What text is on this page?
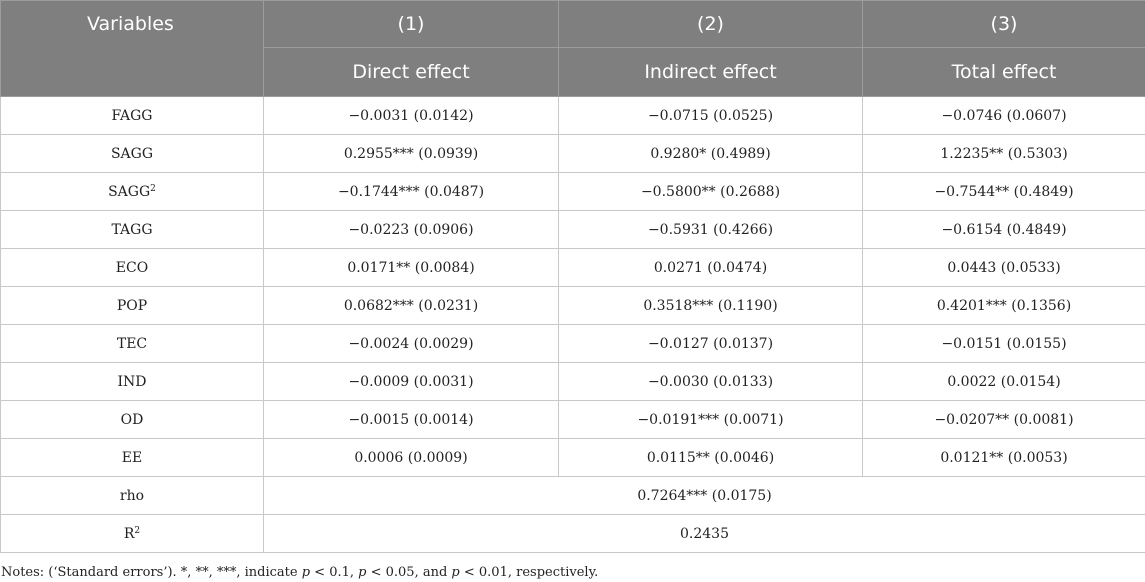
Variables	(1)	(2)	(3)
	Direct effect	Indirect effect	Total effect
FAGG	−0.0031 (0.0142)	−0.0715 (0.0525)	−0.0746 (0.0607)
SAGG	0.2955*** (0.0939)	0.9280* (0.4989)	1.2235** (0.5303)
$SAGG^2$	−0.1744*** (0.0487)	−0.5800** (0.2688)	−0.7544** (0.4849)
TAGG	−0.0223 (0.0906)	−0.5931 (0.4266)	−0.6154 (0.4849)
ECO	0.0171** (0.0084)	0.0271 (0.0474)	0.0443 (0.0533)
POP	0.0682*** (0.0231)	0.3518*** (0.1190)	0.4201*** (0.1356)
TEC	−0.0024 (0.0029)	−0.0127 (0.0137)	−0.0151 (0.0155)
IND	−0.0009 (0.0031)	−0.0030 (0.0133)	0.0022 (0.0154)
OD	−0.0015 (0.0014)	−0.0191*** (0.0071)	−0.0207** (0.0081)
EE	0.0006 (0.0009)	0.0115** (0.0046)	0.0121** (0.0053)
rho	0.7264*** (0.0175)		
$R^2$	0.2435		
Notes: (‘Standard errors’). *, **, ***, indicate p < 0.1, p < 0.05, and p < 0.01, respectively.
